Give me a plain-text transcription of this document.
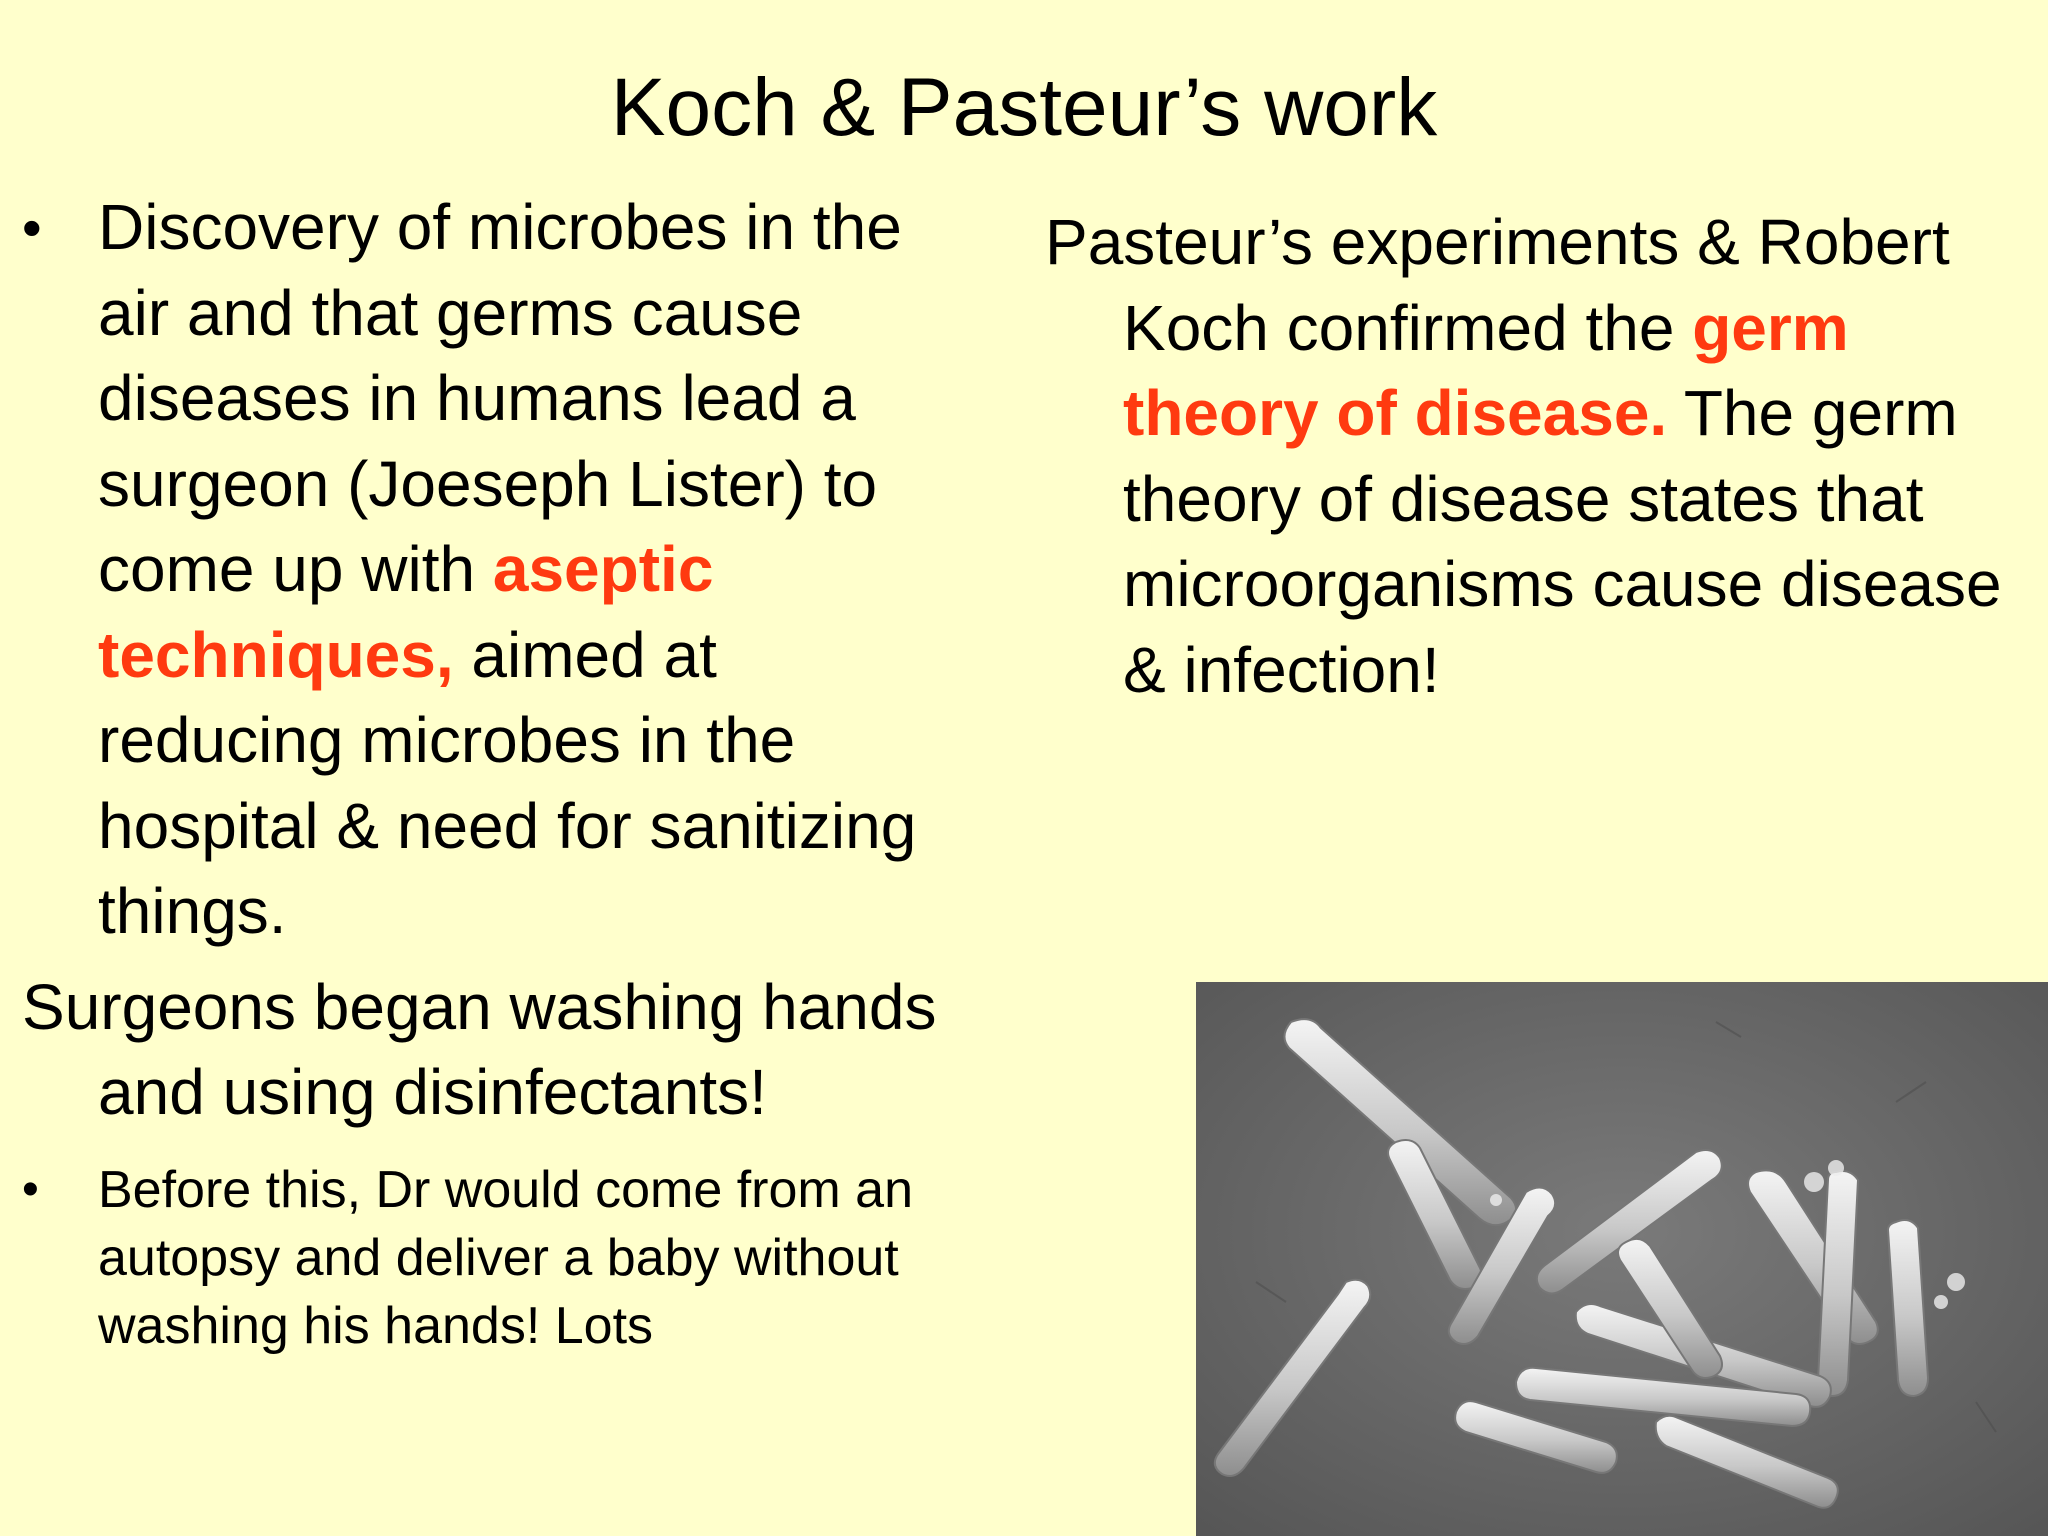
Koch & Pasteur’s work
• Discovery of microbes in the air and that germs cause diseases in humans lead a surgeon (Joeseph Lister) to come up with aseptic techniques, aimed at reducing microbes in the hospital & need for sanitizing things.
Surgeons began washing hands and using disinfectants!
•	Before this, Dr would come from an autopsy and deliver a baby without washing his hands! Lots
Pasteur’s experiments & Robert Koch confirmed the germ theory of disease. The germ theory of disease states that microorganisms cause disease & infection!
